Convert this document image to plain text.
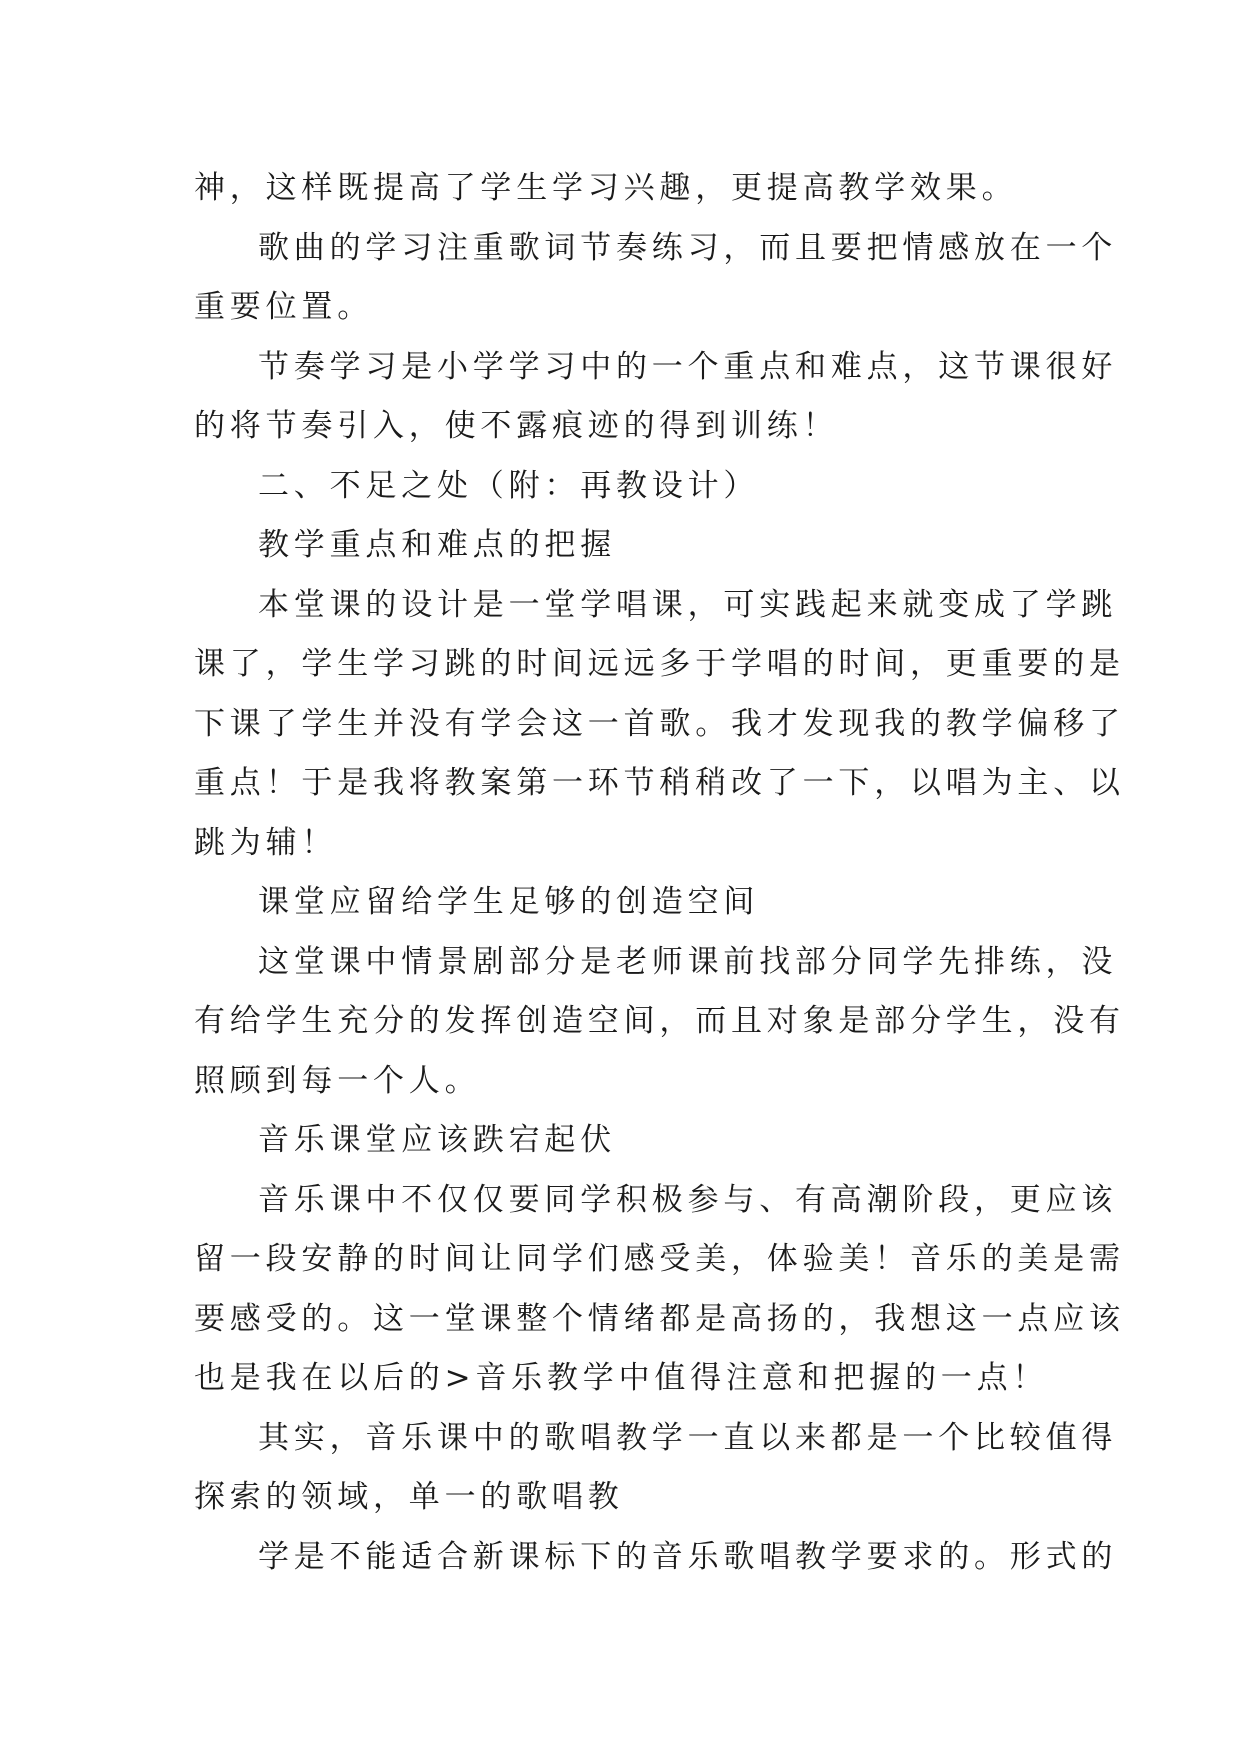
神，这样既提高了学生学习兴趣，更提高教学效果。
歌曲的学习注重歌词节奏练习，而且要把情感放在一个
重要位置。
节奏学习是小学学习中的一个重点和难点，这节课很好
的将节奏引入，使不露痕迹的得到训练！
二、不足之处（附：再教设计）
教学重点和难点的把握
本堂课的设计是一堂学唱课，可实践起来就变成了学跳
课了，学生学习跳的时间远远多于学唱的时间，更重要的是
下课了学生并没有学会这一首歌。我才发现我的教学偏移了
重点！于是我将教案第一环节稍稍改了一下，以唱为主、以
跳为辅！
课堂应留给学生足够的创造空间
这堂课中情景剧部分是老师课前找部分同学先排练，没
有给学生充分的发挥创造空间，而且对象是部分学生，没有
照顾到每一个人。
音乐课堂应该跌宕起伏
音乐课中不仅仅要同学积极参与、有高潮阶段，更应该
留一段安静的时间让同学们感受美，体验美！音乐的美是需
要感受的。这一堂课整个情绪都是高扬的，我想这一点应该
也是我在以后的>音乐教学中值得注意和把握的一点！
其实，音乐课中的歌唱教学一直以来都是一个比较值得
探索的领域，单一的歌唱教
学是不能适合新课标下的音乐歌唱教学要求的。形式的
